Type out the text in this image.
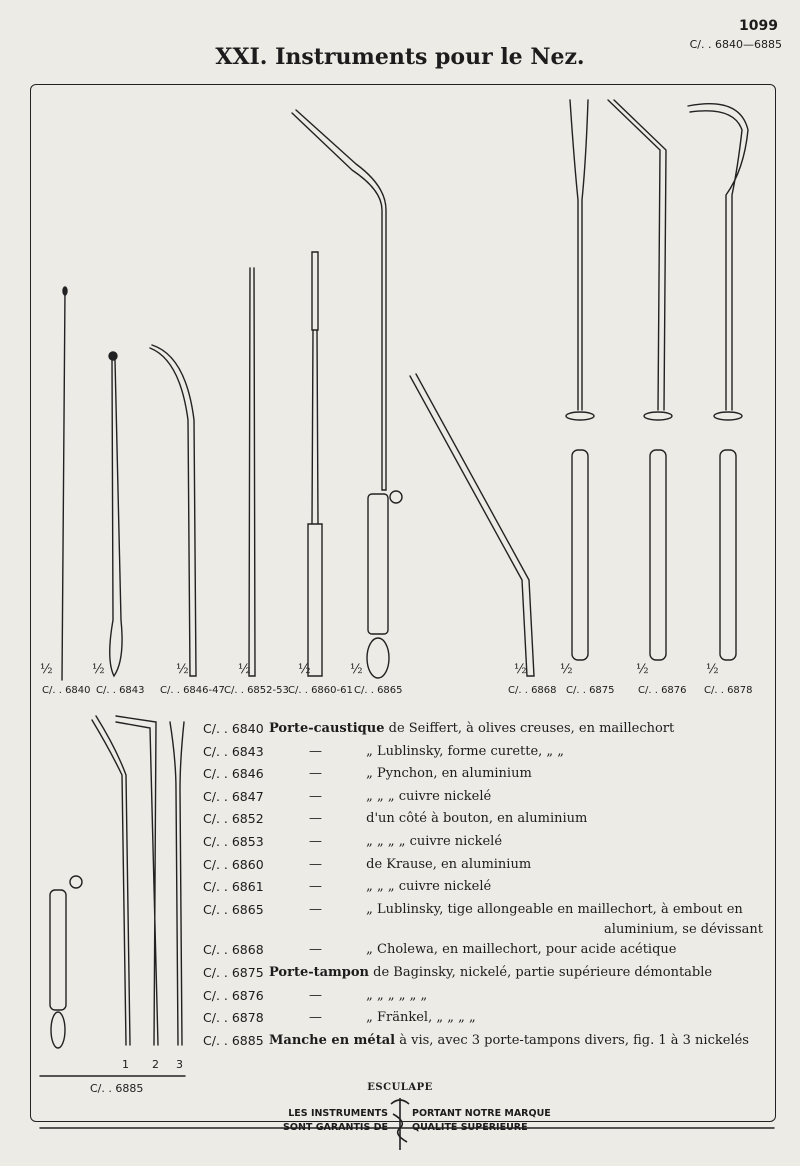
1099
C/. . 6840—6885
XXI. Instruments pour le Nez.
½	½	½	½	½	½	½	½	½	½
C/. . 6840 C/. . 6843 C/. . 6846-47 C/. . 6852-53 C/. . 6860-61 C/. . 6865	C/. . 6868 C/. . 6875 C/. . 6876 C/. . 6878
C/. . 6840 Porte-caustique de Seiffert, à olives creuses, en maillechort
C/. . 6843	—	„ Lublinsky, forme curette, „ „
C/. . 6846	—	„ Pynchon, en aluminium
C/. . 6847	—	„ „ „ cuivre nickelé
C/. . 6852	—	d'un côté à bouton, en aluminium
C/. . 6853	—	„ „ „ „ cuivre nickelé
C/. . 6860	—	de Krause, en aluminium
C/. . 6861	—	„ „ „ cuivre nickelé
C/. . 6865	—	„ Lublinsky, tige allongeable en maillechort, à embout en
aluminium, se dévissant
C/. . 6868	—	„ Cholewa, en maillechort, pour acide acétique
C/. . 6875 Porte-tampon de Baginsky, nickelé, partie supérieure démontable
C/. . 6876	—	„ „ „ „ „ „
C/. . 6878	—	„ Fränkel, „ „ „ „
C/. . 6885 Manche en métal à vis, avec 3 porte-tampons divers, fig. 1 à 3 nickelés
1 2 3
C/. . 6885	ESCULAPE
LES INSTRUMENTS
SONT GARANTIS DE
PORTANT NOTRE MARQUE
QUALITÉ SUPÉRIEURE
